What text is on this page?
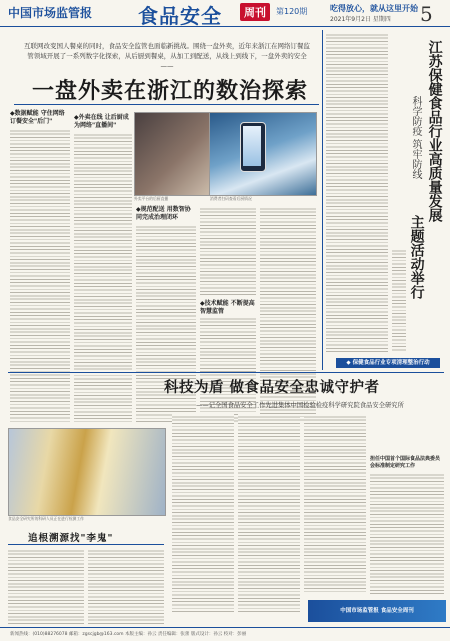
中国市场监管报 食品安全	周刊	第120期	吃得放心，就从这里开始
2021年9月2日 星期四 5
互联网改变国人餐桌的同时，食品安全监管也面临新挑战。围绕一盘外卖，近年来浙江在网络订餐监管领域开展了一系列数字化探索，从后厨到餐桌，从加工到配送，从线上到线下，一盘外卖的安全——
一盘外卖在浙江的数治探索
◆数据赋能 守住网络订餐安全"后门"
◆外卖在线 让后厨成为网络"直播间"
外卖平台的后厨直播	消费者扫码查看后厨情况
◆规范配送 用数智协同完成治理闭环
◆技术赋能 不断提高智慧监管
江苏保健食品行业高质量发展
科学防疫 筑牢防线
主题活动举行
◆ 保健食品行业专项清理整治行动
科技为盾 做食品安全忠诚守护者
——记全国食品安全工作先进集体中国检验检疫科学研究院食品安全研究所
食品安全研究所的科研人员正在进行检测工作
担任中国首个国际食品法典委员会标准制定研究工作
追根溯源找"李鬼"
中国市场监管报 食品安全周刊
新闻热线：(010)88276078 邮箱：zgscjgb@163.com 本版主编：孙云 责任编辑：张蕾 版式设计：孙云 校对：彭丽
